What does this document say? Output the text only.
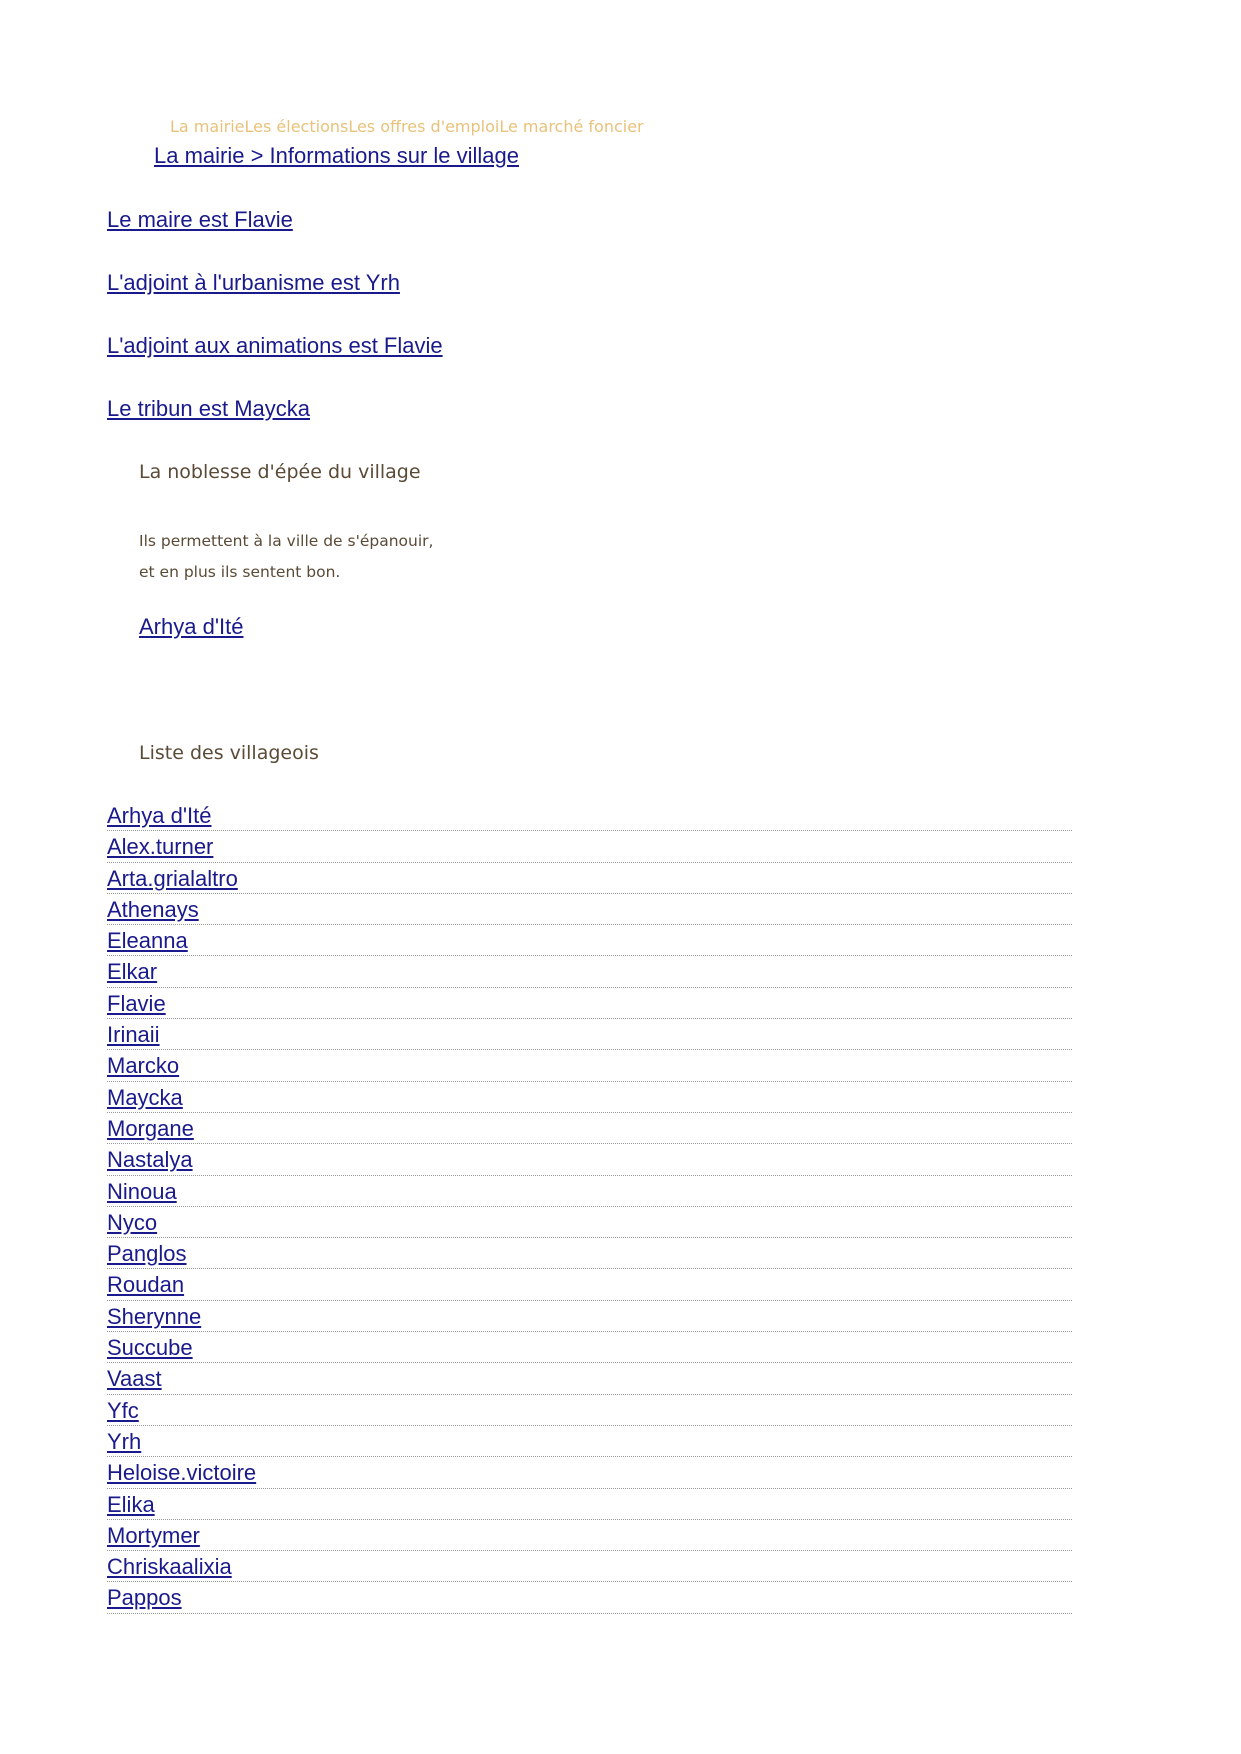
La mairieLes électionsLes offres d'emploiLe marché foncier
La mairie > Informations sur le village
Le maire est Flavie
L'adjoint à l'urbanisme est Yrh
L'adjoint aux animations est Flavie
Le tribun est Maycka
La noblesse d'épée du village
Ils permettent à la ville de s'épanouir,
et en plus ils sentent bon.
Arhya d'Ité
Liste des villageois
Arhya d'Ité
Alex.turner
Arta.grialaltro
Athenays
Eleanna
Elkar
Flavie
Irinaii
Marcko
Maycka
Morgane
Nastalya
Ninoua
Nyco
Panglos
Roudan
Sherynne
Succube
Vaast
Yfc
Yrh
Heloise.victoire
Elika
Mortymer
Chriskaalixia
Pappos
